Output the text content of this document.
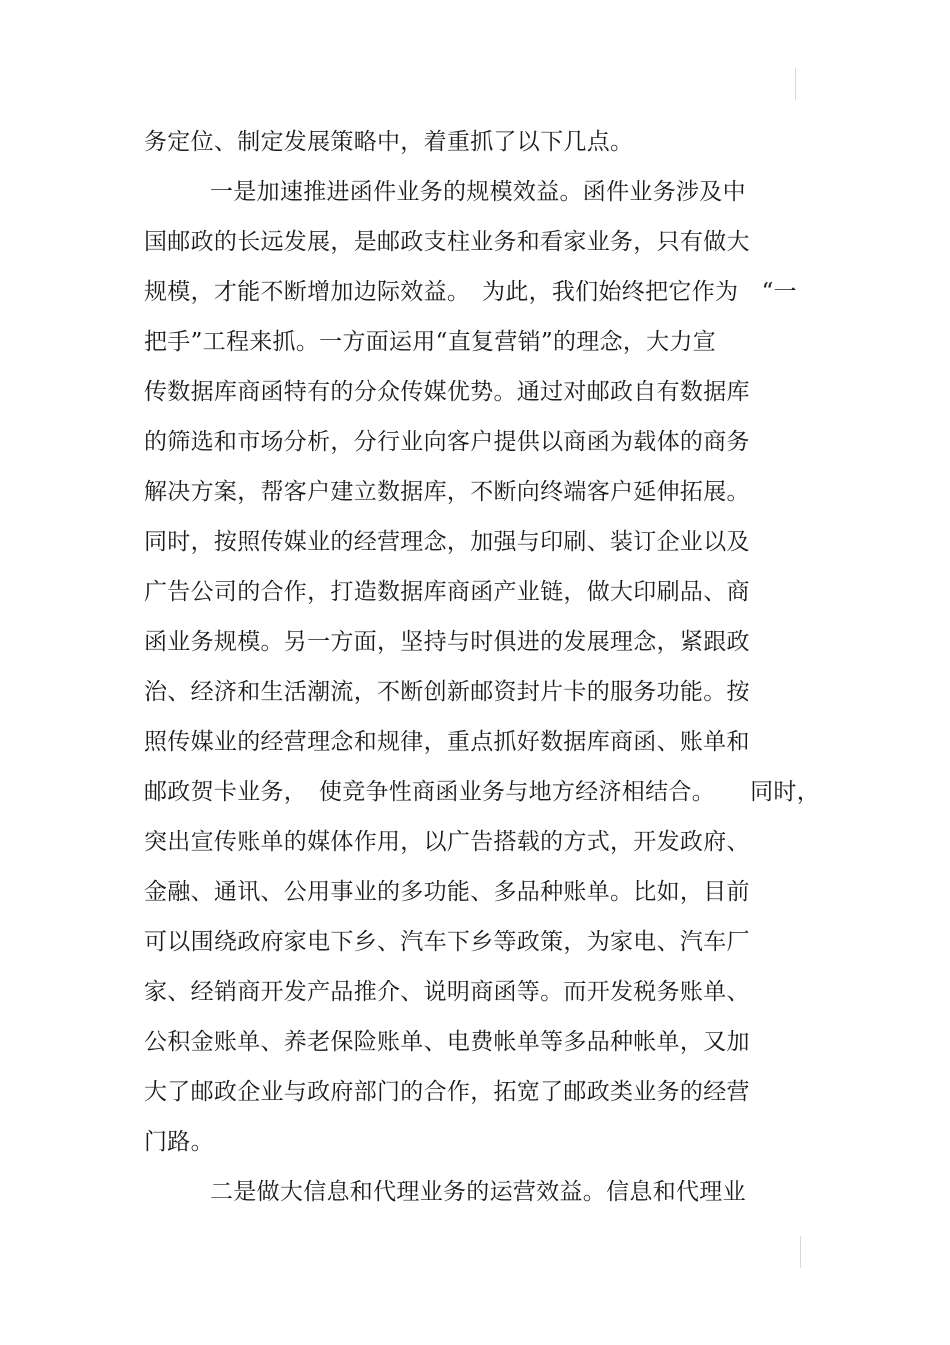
务定位、制定发展策略中，着重抓了以下几点。
一是加速推进函件业务的规模效益。函件业务涉及中
国邮政的长远发展，是邮政支柱业务和看家业务，只有做大
规模，才能不断增加边际效益。　为此，我们始终把它作为　“一
把手”工程来抓。一方面运用“直复营销”的理念，大力宣
传数据库商函特有的分众传媒优势。通过对邮政自有数据库
的筛选和市场分析，分行业向客户提供以商函为载体的商务
解决方案，帮客户建立数据库，不断向终端客户延伸拓展。
同时，按照传媒业的经营理念，加强与印刷、装订企业以及
广告公司的合作，打造数据库商函产业链，做大印刷品、商
函业务规模。另一方面，坚持与时俱进的发展理念，紧跟政
治、经济和生活潮流，不断创新邮资封片卡的服务功能。按
照传媒业的经营理念和规律，重点抓好数据库商函、账单和
邮政贺卡业务，　使竞争性商函业务与地方经济相结合。　　同时，
突出宣传账单的媒体作用，以广告搭载的方式，开发政府、
金融、通讯、公用事业的多功能、多品种账单。比如，目前
可以围绕政府家电下乡、汽车下乡等政策，为家电、汽车厂
家、经销商开发产品推介、说明商函等。而开发税务账单、
公积金账单、养老保险账单、电费帐单等多品种帐单，又加
大了邮政企业与政府部门的合作，拓宽了邮政类业务的经营
门路。
二是做大信息和代理业务的运营效益。信息和代理业
